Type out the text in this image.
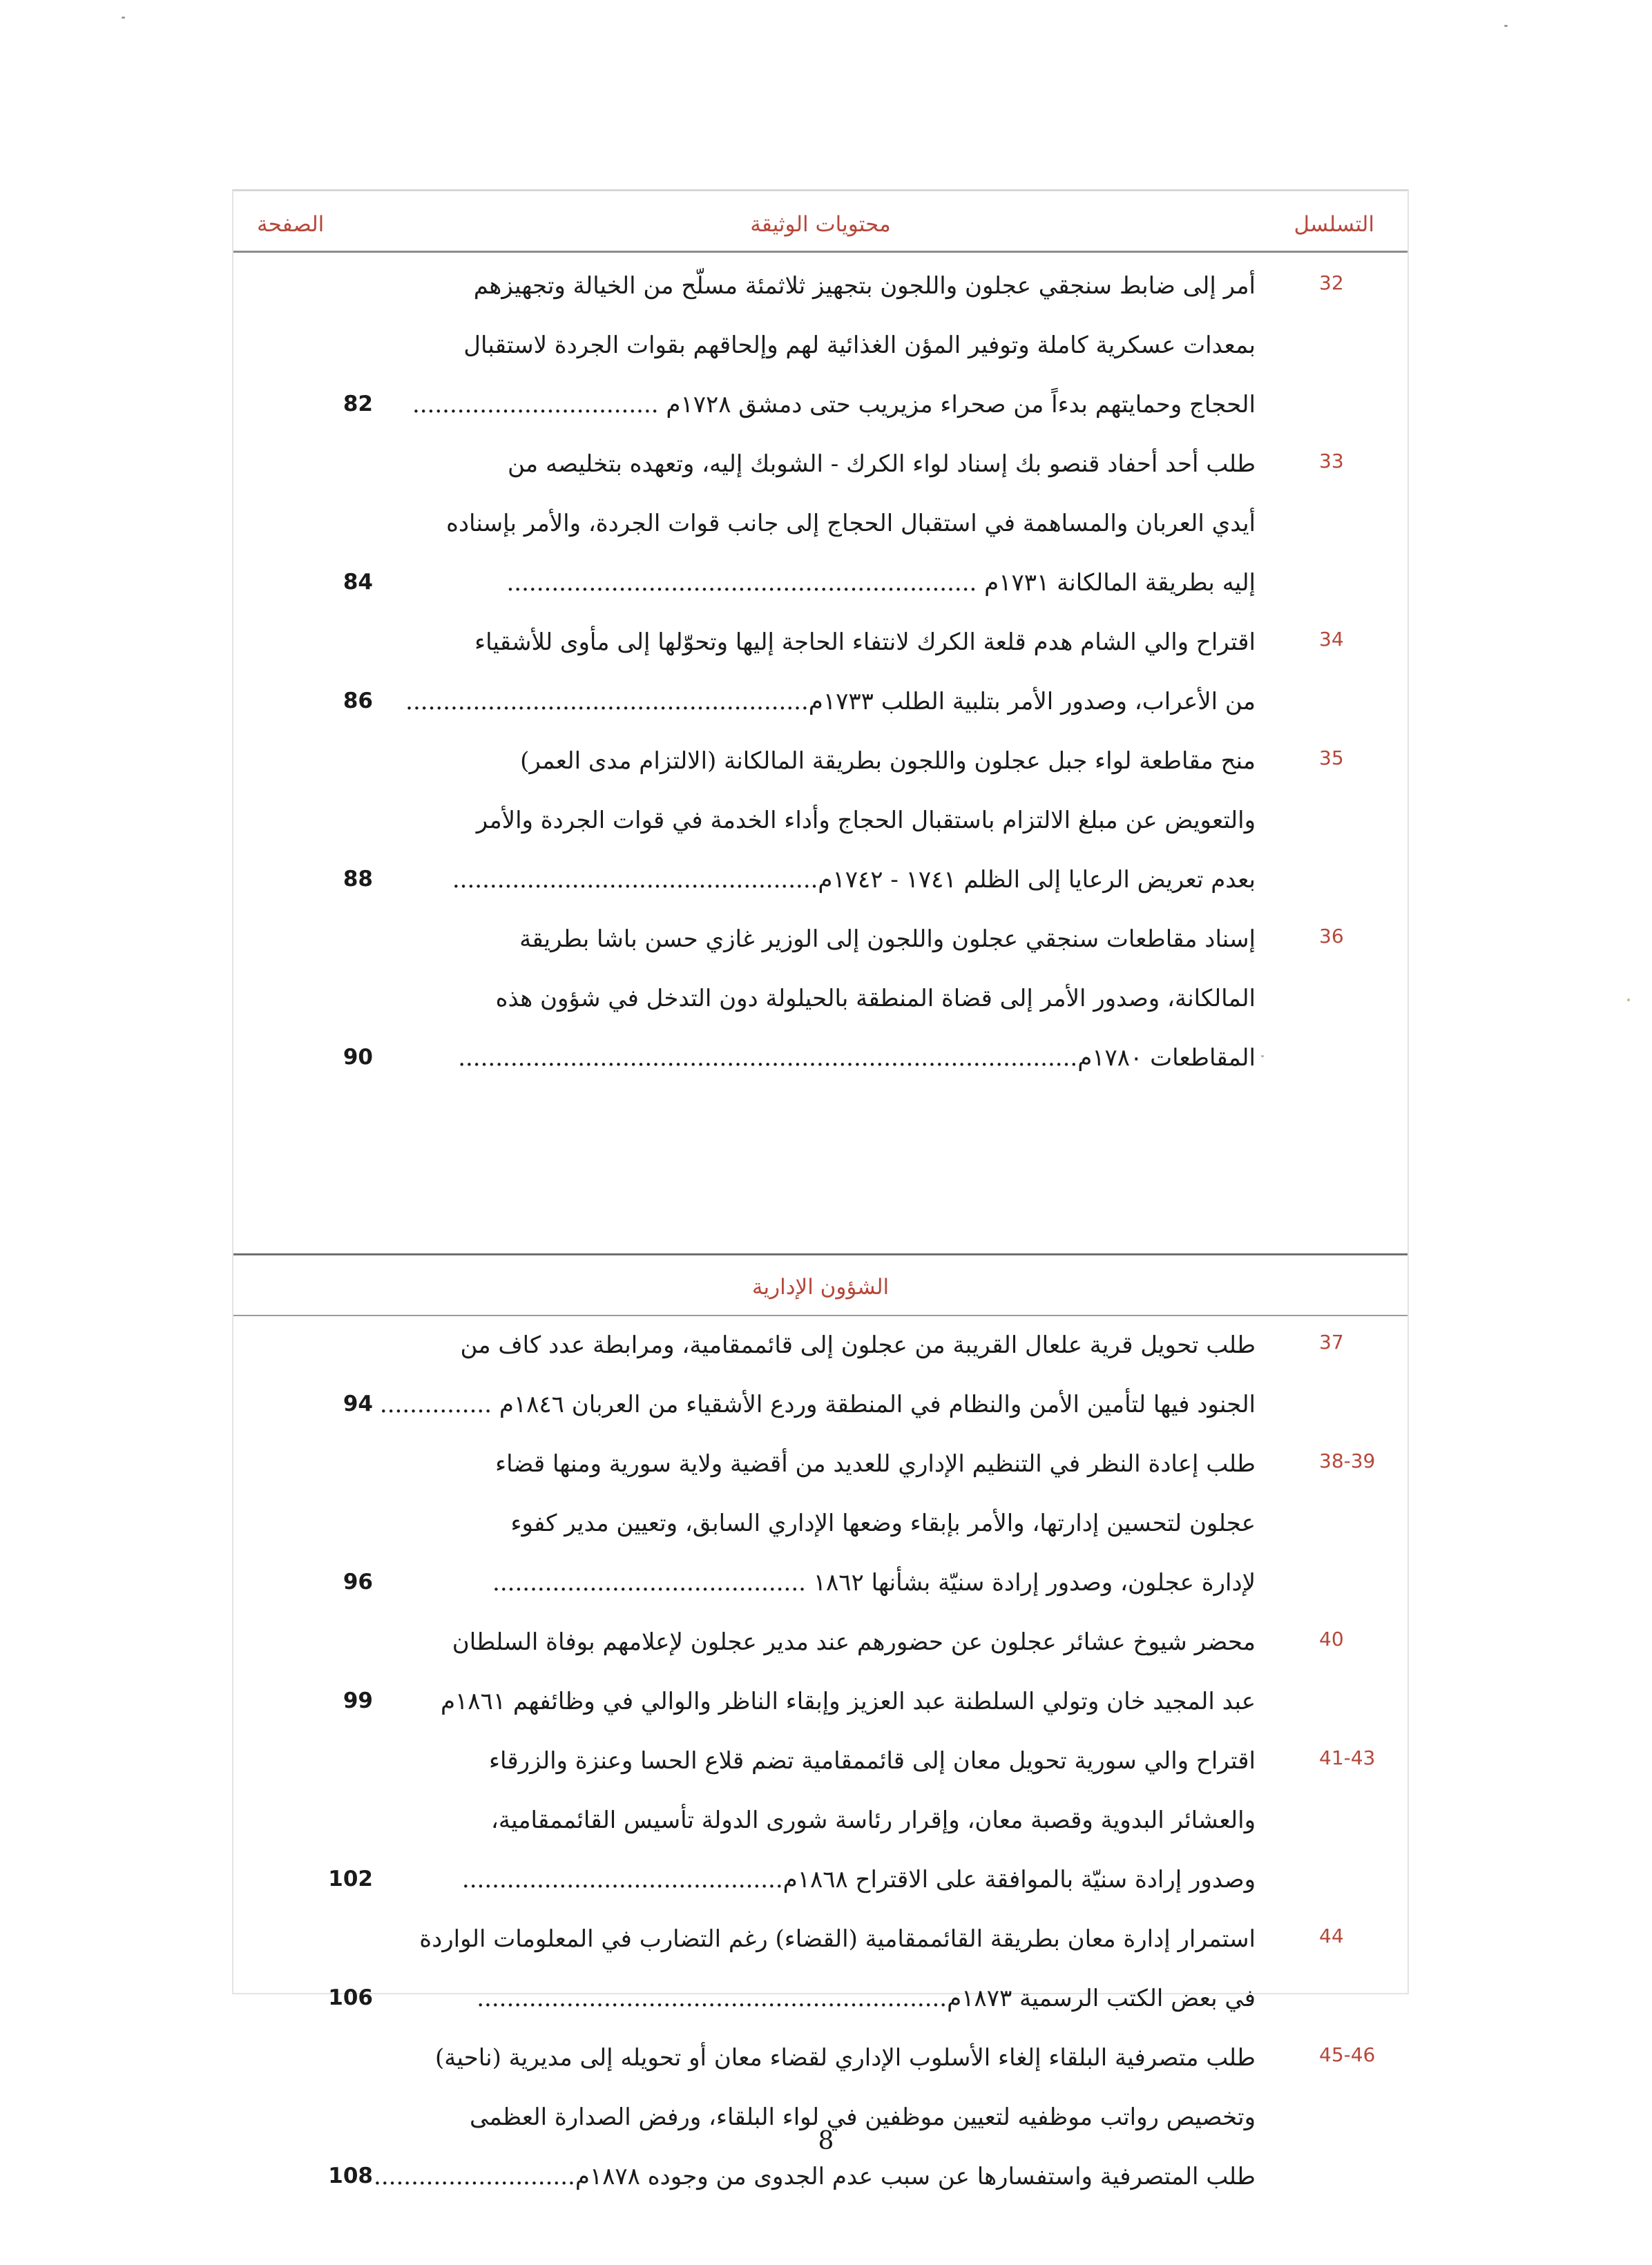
التسلسل
محتويات الوثيقة
الصفحة
32
أمر إلى ضابط سنجقي عجلون واللجون بتجهيز ثلاثمئة مسلّح من الخيالة وتجهيزهم
بمعدات عسكرية كاملة وتوفير المؤن الغذائية لهم وإلحاقهم بقوات الجردة لاستقبال
الحجاج وحمايتهم بدءاً من صحراء مزيريب حتى دمشق ١٧٢٨م .................................
82
33
طلب أحد أحفاد قنصو بك إسناد لواء الكرك - الشوبك إليه، وتعهده بتخليصه من
أيدي العربان والمساهمة في استقبال الحجاج إلى جانب قوات الجردة، والأمر بإسناده
إليه بطريقة المالكانة ١٧٣١م ...............................................................
84
34
اقتراح والي الشام هدم قلعة الكرك لانتفاء الحاجة إليها وتحوّلها إلى مأوى للأشقياء
من الأعراب، وصدور الأمر بتلبية الطلب ١٧٣٣م......................................................
86
35
منح مقاطعة لواء جبل عجلون واللجون بطريقة المالكانة (الالتزام مدى العمر)
والتعويض عن مبلغ الالتزام باستقبال الحجاج وأداء الخدمة في قوات الجردة والأمر
بعدم تعريض الرعايا إلى الظلم ١٧٤١ - ١٧٤٢م.................................................
88
36
إسناد مقاطعات سنجقي عجلون واللجون إلى الوزير غازي حسن باشا بطريقة
المالكانة، وصدور الأمر إلى قضاة المنطقة بالحيلولة دون التدخل في شؤون هذه
المقاطعات ١٧٨٠م...................................................................................
90
الشؤون الإدارية
37
طلب تحويل قرية علعال القريبة من عجلون إلى قائممقامية، ومرابطة عدد كاف من
الجنود فيها لتأمين الأمن والنظام في المنطقة وردع الأشقياء من العربان ١٨٤٦م ...............
94
38-39
طلب إعادة النظر في التنظيم الإداري للعديد من أقضية ولاية سورية ومنها قضاء
عجلون لتحسين إدارتها، والأمر بإبقاء وضعها الإداري السابق، وتعيين مدير كفوء
لإدارة عجلون، وصدور إرادة سنيّة بشأنها ١٨٦٢ ..........................................
96
40
محضر شيوخ عشائر عجلون عن حضورهم عند مدير عجلون لإعلامهم بوفاة السلطان
عبد المجيد خان وتولي السلطنة عبد العزيز وإبقاء الناظر والوالي في وظائفهم ١٨٦١م
99
41-43
اقتراح والي سورية تحويل معان إلى قائممقامية تضم قلاع الحسا وعنزة والزرقاء
والعشائر البدوية وقصبة معان، وإقرار رئاسة شورى الدولة تأسيس القائممقامية،
وصدور إرادة سنيّة بالموافقة على الاقتراح ١٨٦٨م...........................................
102
44
استمرار إدارة معان بطريقة القائممقامية (القضاء) رغم التضارب في المعلومات الواردة
في بعض الكتب الرسمية ١٨٧٣م...............................................................
106
45-46
طلب متصرفية البلقاء إلغاء الأسلوب الإداري لقضاء معان أو تحويله إلى مديرية (ناحية)
وتخصيص رواتب موظفيه لتعيين موظفين في لواء البلقاء، ورفض الصدارة العظمى
طلب المتصرفية واستفسارها عن سبب عدم الجدوى من وجوده ١٨٧٨م...........................
108
8
